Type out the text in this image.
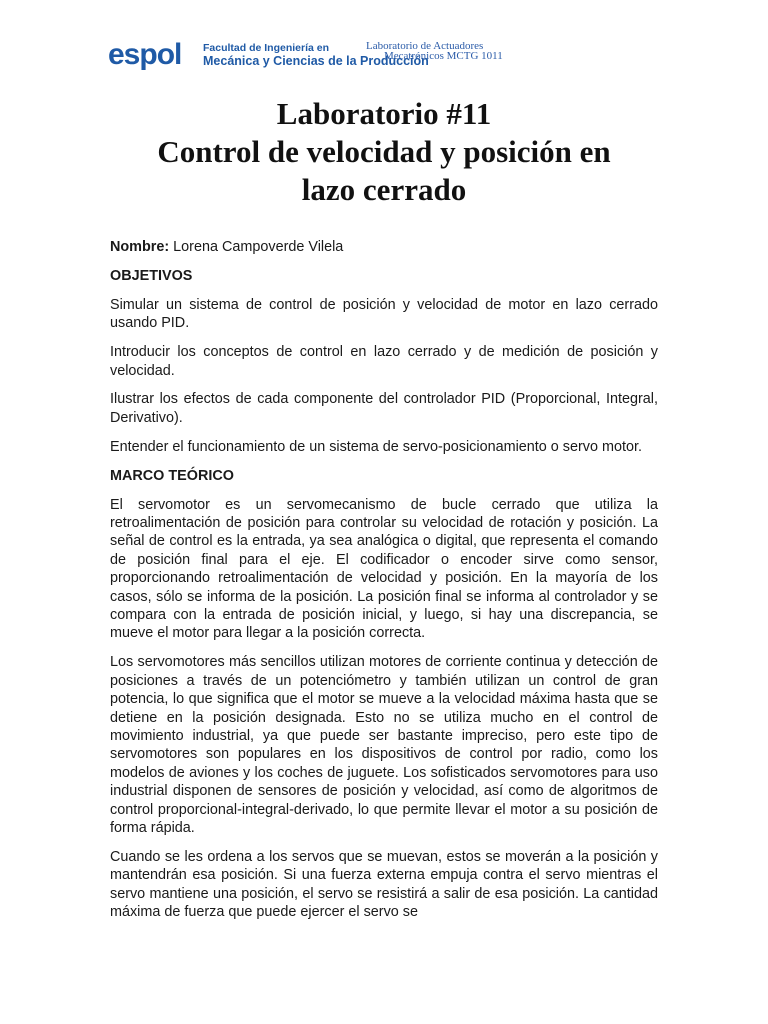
espol Facultad de Ingeniería en
Mecánica y Ciencias de la Producción
Laboratorio de Actuadores
Mecatrónicos MCTG 1011
Laboratorio #11
Control de velocidad y posición en
lazo cerrado

Nombre: Lorena Campoverde Vilela

OBJETIVOS

Simular un sistema de control de posición y velocidad de motor en lazo cerrado usando PID.

Introducir los conceptos de control en lazo cerrado y de medición de posición y velocidad.

Ilustrar los efectos de cada componente del controlador PID (Proporcional, Integral, Derivativo).

Entender el funcionamiento de un sistema de servo-posicionamiento o servo motor.

MARCO TEÓRICO

El servomotor es un servomecanismo de bucle cerrado que utiliza la retroalimentación de posición para controlar su velocidad de rotación y posición. La señal de control es la entrada, ya sea analógica o digital, que representa el comando de posición final para el eje. El codificador o encoder sirve como sensor, proporcionando retroalimentación de velocidad y posición. En la mayoría de los casos, sólo se informa de la posición. La posición final se informa al controlador y se compara con la entrada de posición inicial, y luego, si hay una discrepancia, se mueve el motor para llegar a la posición correcta.

Los servomotores más sencillos utilizan motores de corriente continua y detección de posiciones a través de un potenciómetro y también utilizan un control de gran potencia, lo que significa que el motor se mueve a la velocidad máxima hasta que se detiene en la posición designada. Esto no se utiliza mucho en el control de movimiento industrial, ya que puede ser bastante impreciso, pero este tipo de servomotores son populares en los dispositivos de control por radio, como los modelos de aviones y los coches de juguete. Los sofisticados servomotores para uso industrial disponen de sensores de posición y velocidad, así como de algoritmos de control proporcional-integral-derivado, lo que permite llevar el motor a su posición de forma rápida.

Cuando se les ordena a los servos que se muevan, estos se moverán a la posición y mantendrán esa posición. Si una fuerza externa empuja contra el servo mientras el servo mantiene una posición, el servo se resistirá a salir de esa posición. La cantidad máxima de fuerza que puede ejercer el servo se
